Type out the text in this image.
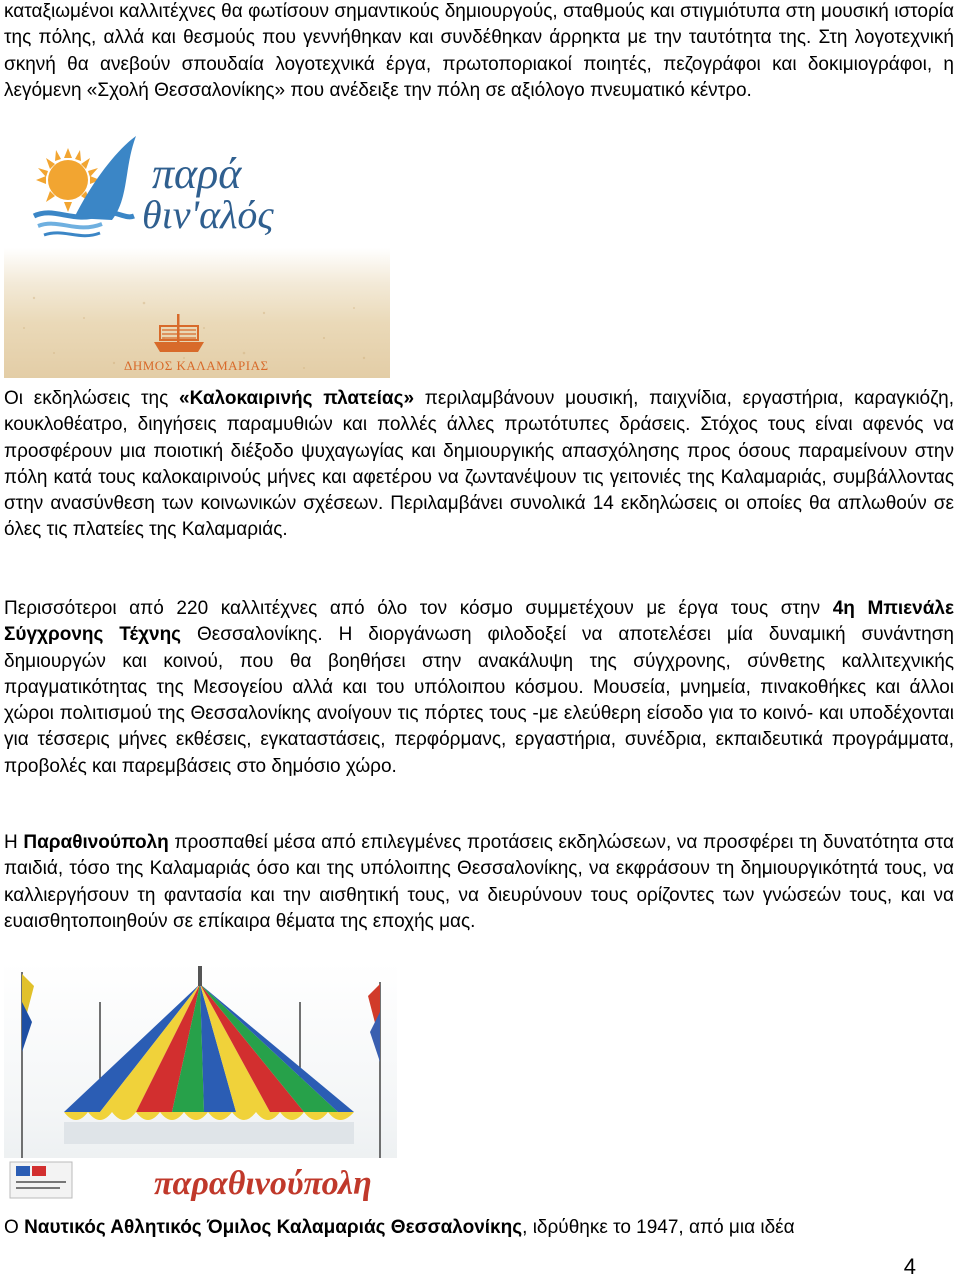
καταξιωμένοι καλλιτέχνες θα φωτίσουν σημαντικούς δημιουργούς, σταθμούς και στιγμιότυπα στη μουσική ιστορία της πόλης, αλλά και θεσμούς που γεννήθηκαν και συνδέθηκαν άρρηκτα με την ταυτότητα της. Στη λογοτεχνική σκηνή θα ανεβούν σπουδαία λογοτεχνικά έργα, πρωτοποριακοί ποιητές, πεζογράφοι και δοκιμιογράφοι, η λεγόμενη «Σχολή Θεσσαλονίκης» που ανέδειξε την πόλη σε αξιόλογο πνευματικό κέντρο.

παρά
θιν'αλός
ΔΗΜΟΣ ΚΑΛΑΜΑΡΙΑΣ

Οι εκδηλώσεις της «Καλοκαιρινής πλατείας» περιλαμβάνουν μουσική, παιχνίδια, εργαστήρια, καραγκιόζη, κουκλοθέατρο, διηγήσεις παραμυθιών και πολλές άλλες πρωτότυπες δράσεις. Στόχος τους είναι αφενός να προσφέρουν μια ποιοτική διέξοδο ψυχαγωγίας και δημιουργικής απασχόλησης προς όσους παραμείνουν στην πόλη κατά τους καλοκαιρινούς μήνες και αφετέρου να ζωντανέψουν τις γειτονιές της Καλαμαριάς, συμβάλλοντας στην ανασύνθεση των κοινωνικών σχέσεων. Περιλαμβάνει συνολικά 14 εκδηλώσεις οι οποίες θα απλωθούν σε όλες τις πλατείες της Καλαμαριάς.

Περισσότεροι από 220 καλλιτέχνες από όλο τον κόσμο συμμετέχουν με έργα τους στην 4η Μπιενάλε Σύγχρονης Τέχνης Θεσσαλονίκης. Η διοργάνωση φιλοδοξεί να αποτελέσει μία δυναμική συνάντηση δημιουργών και κοινού, που θα βοηθήσει στην ανακάλυψη της σύγχρονης, σύνθετης καλλιτεχνικής πραγματικότητας της Μεσογείου αλλά και του υπόλοιπου κόσμου. Μουσεία, μνημεία, πινακοθήκες και άλλοι χώροι πολιτισμού της Θεσσαλονίκης ανοίγουν τις πόρτες τους -με ελεύθερη είσοδο για το κοινό- και υποδέχονται για τέσσερις μήνες εκθέσεις, εγκαταστάσεις, περφόρμανς, εργαστήρια, συνέδρια, εκπαιδευτικά προγράμματα, προβολές και παρεμβάσεις στο δημόσιο χώρο.

Η Παραθινούπολη προσπαθεί μέσα από επιλεγμένες προτάσεις εκδηλώσεων, να προσφέρει τη δυνατότητα στα παιδιά, τόσο της Καλαμαριάς όσο και της υπόλοιπης Θεσσαλονίκης, να εκφράσουν τη δημιουργικότητά τους, να καλλιεργήσουν τη φαντασία και την αισθητική τους, να διευρύνουν τους ορίζοντες των γνώσεών τους, και να ευαισθητοποιηθούν σε επίκαιρα θέματα της εποχής μας.

παραθινούπολη

Ο Ναυτικός Αθλητικός Όμιλος Καλαμαριάς Θεσσαλονίκης, ιδρύθηκε το 1947, από μια ιδέα

4
